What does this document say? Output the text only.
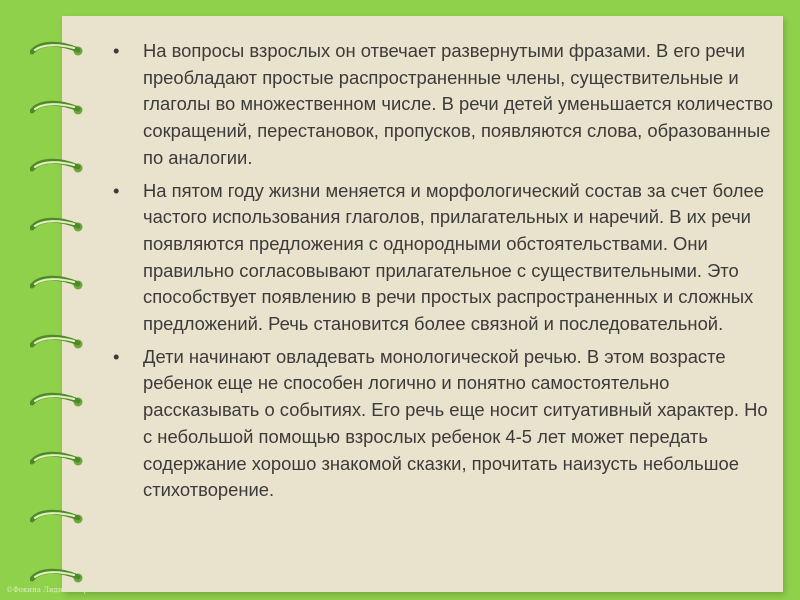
• На вопросы взрослых он отвечает развернутыми фразами. В его речи преобладают простые распространенные члены, существительные и глаголы во множественном числе. В речи детей уменьшается количество сокращений, перестановок, пропусков, появляются слова, образованные по аналогии.
• На пятом году жизни меняется и морфологический состав за счет более частого использования глаголов, прилагательных и наречий. В их речи появляются предложения с однородными обстоятельствами. Они правильно согласовывают прилагательное с существительными. Это способствует появлению в речи простых распространенных и сложных предложений. Речь становится более связной и последовательной.
• Дети начинают овладевать монологической речью. В этом возрасте ребенок еще не способен логично и понятно самостоятельно рассказывать о событиях. Его речь еще носит ситуативный характер. Но с небольшой помощью взрослых ребенок 4-5 лет может передать содержание хорошо знакомой сказки, прочитать наизусть небольшое стихотворение.
©Фокина Лидия Петровна
